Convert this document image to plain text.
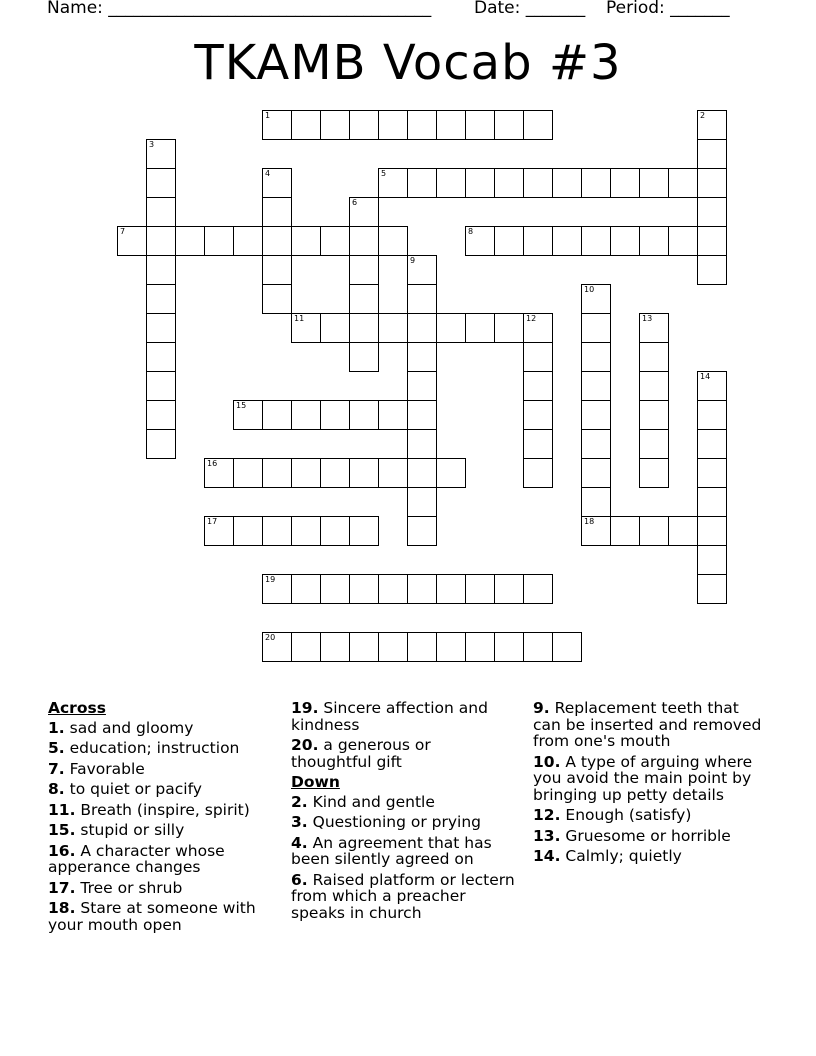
Name: ______________________________________	Date: _______ Period: _______
TKAMB Vocab #3
1	2
3
4	5
6
7	8
9
10
18
11	12	13
14
15
16
17
19
20
Across
1. sad and gloomy
5. education; instruction
7. Favorable
8. to quiet or pacify
11. Breath (inspire, spirit)
15. stupid or silly
16. A character whose apperance changes
17. Tree or shrub
18. Stare at someone with your mouth open
19. Sincere affection and kindness
20. a generous or thoughtful gift
Down
2. Kind and gentle
3. Questioning or prying
4. An agreement that has been silently agreed on
6. Raised platform or lectern from which a preacher speaks in church
9. Replacement teeth that can be inserted and removed from one's mouth
10. A type of arguing where you avoid the main point by bringing up petty details
12. Enough (satisfy)
13. Gruesome or horrible
14. Calmly; quietly
